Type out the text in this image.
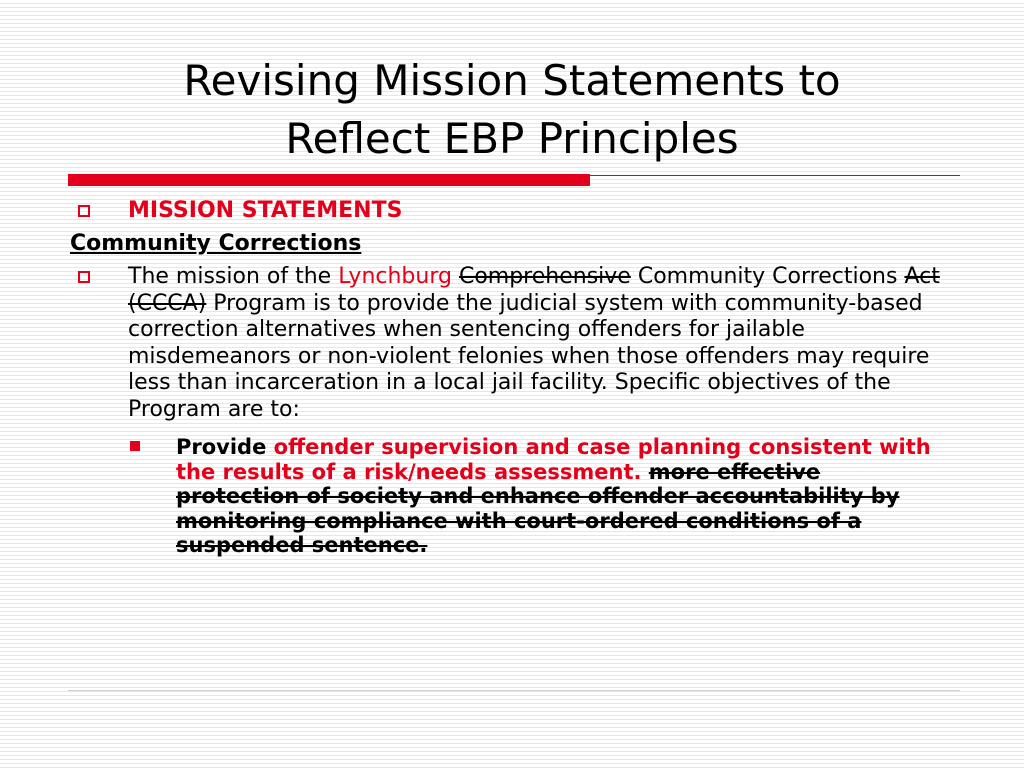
Revising Mission Statements to
Reflect EBP Principles
MISSION STATEMENTS
Community Corrections
The mission of the Lynchburg Comprehensive Community Corrections Act (CCCA) Program is to provide the judicial system with community-based correction alternatives when sentencing offenders for jailable misdemeanors or non-violent felonies when those offenders may require less than incarceration in a local jail facility. Specific objectives of the Program are to:
Provide offender supervision and case planning consistent with the results of a risk/needs assessment. more effective protection of society and enhance offender accountability by monitoring compliance with court-ordered conditions of a suspended sentence.
